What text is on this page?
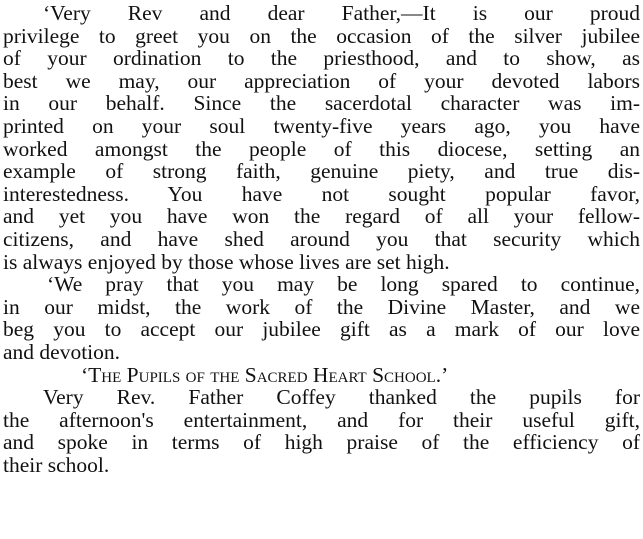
‘Very Rev and dear Father,—It is our proud
privilege to greet you on the occasion of the silver jubilee
of your ordination to the priesthood, and to show, as
best we may, our appreciation of your devoted labors
in our behalf. Since the sacerdotal character was im-
printed on your soul twenty-five years ago, you have
worked amongst the people of this diocese, setting an
example of strong faith, genuine piety, and true dis-
interestedness. You have not sought popular favor,
and yet you have won the regard of all your fellow-
citizens, and have shed around you that security which
is always enjoyed by those whose lives are set high.
‘We pray that you may be long spared to continue,
in our midst, the work of the Divine Master, and we
beg you to accept our jubilee gift as a mark of our love
and devotion.
‘The Pupils of the Sacred Heart School.’
Very Rev. Father Coffey thanked the pupils for
the afternoon's entertainment, and for their useful gift,
and spoke in terms of high praise of the efficiency of
their school.
